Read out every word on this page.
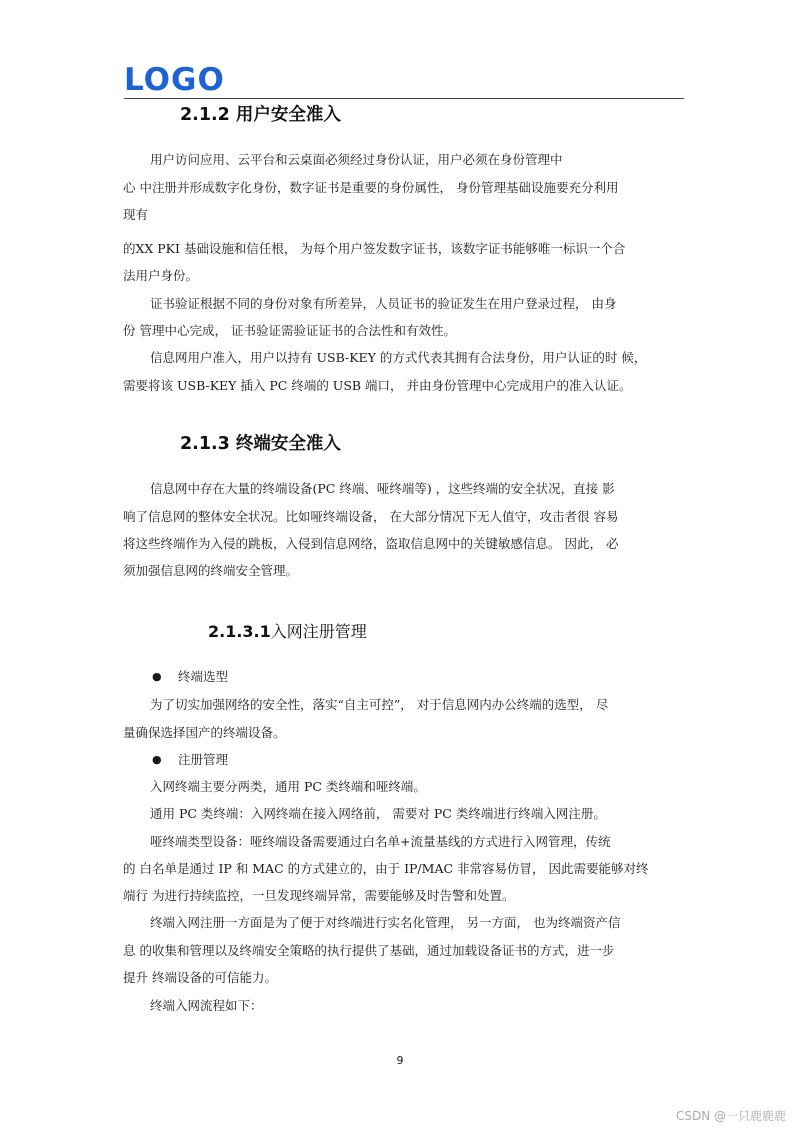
LOGO
2.1.2 用户安全准入
用户访问应用、云平台和云桌面必须经过身份认证，用户必须在身份管理中
心 中注册并形成数字化身份，数字证书是重要的身份属性， 身份管理基础设施要充分利用
现有
的XX PKI 基础设施和信任根， 为每个用户签发数字证书，该数字证书能够唯一标识一个合
法用户身份。
证书验证根据不同的身份对象有所差异，人员证书的验证发生在用户登录过程， 由身
份 管理中心完成， 证书验证需验证证书的合法性和有效性。
信息网用户准入，用户以持有 USB-KEY 的方式代表其拥有合法身份，用户认证的时 候，
需要将该 USB-KEY 插入 PC 终端的 USB 端口， 并由身份管理中心完成用户的准入认证。
2.1.3 终端安全准入
信息网中存在大量的终端设备(PC 终端、哑终端等) ，这些终端的安全状况，直接 影
响了信息网的整体安全状况。比如哑终端设备， 在大部分情况下无人值守，攻击者很 容易
将这些终端作为入侵的跳板，入侵到信息网络，盗取信息网中的关键敏感信息。 因此， 必
须加强信息网的终端安全管理。
2.1.3.1入网注册管理
● 终端选型
为了切实加强网络的安全性，落实“自主可控”， 对于信息网内办公终端的选型， 尽
量确保选择国产的终端设备。
● 注册管理
入网终端主要分两类，通用 PC 类终端和哑终端。
通用 PC 类终端：入网终端在接入网络前， 需要对 PC 类终端进行终端入网注册。
哑终端类型设备：哑终端设备需要通过白名单+流量基线的方式进行入网管理，传统
的 白名单是通过 IP 和 MAC 的方式建立的，由于 IP/MAC 非常容易仿冒， 因此需要能够对终
端行 为进行持续监控，一旦发现终端异常，需要能够及时告警和处置。
终端入网注册一方面是为了便于对终端进行实名化管理， 另一方面， 也为终端资产信
息 的收集和管理以及终端安全策略的执行提供了基础，通过加载设备证书的方式，进一步
提升 终端设备的可信能力。
终端入网流程如下：
9
CSDN @一只鹿鹿鹿
